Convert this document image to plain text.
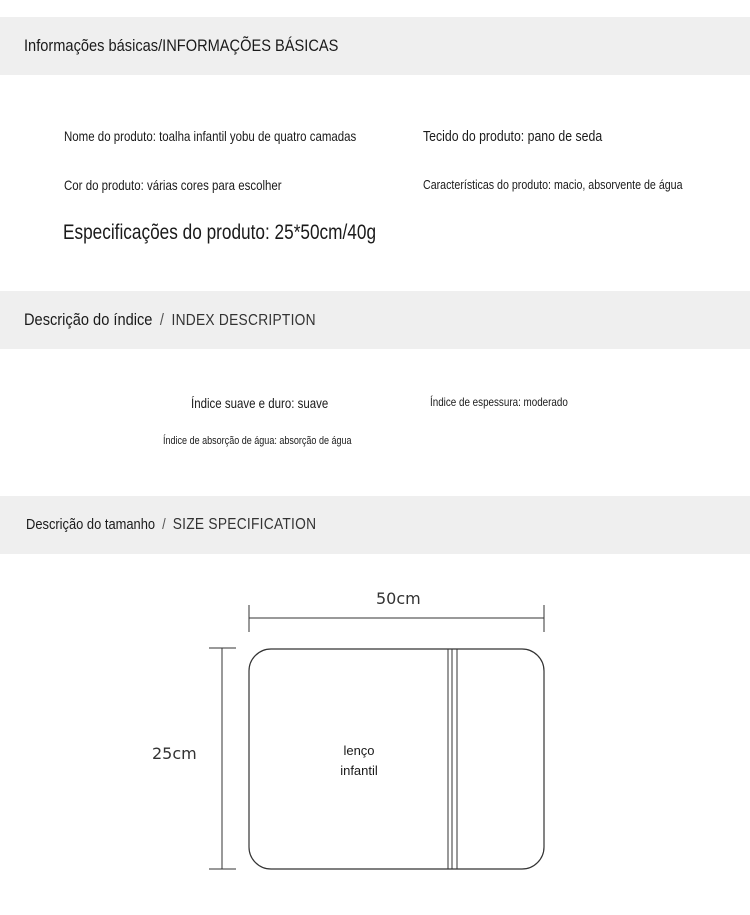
Informações básicas/INFORMAÇÕES BÁSICAS
Nome do produto: toalha infantil yobu de quatro camadas	Tecido do produto: pano de seda
Cor do produto: várias cores para escolher	Características do produto: macio, absorvente de água
Especificações do produto: 25*50cm/40g
Descrição do índice / INDEX DESCRIPTION
Índice suave e duro: suave	Índice de espessura: moderado
Índice de absorção de água: absorção de água
Descrição do tamanho / SIZE SPECIFICATION
50cm
25cm	lenço
infantil
